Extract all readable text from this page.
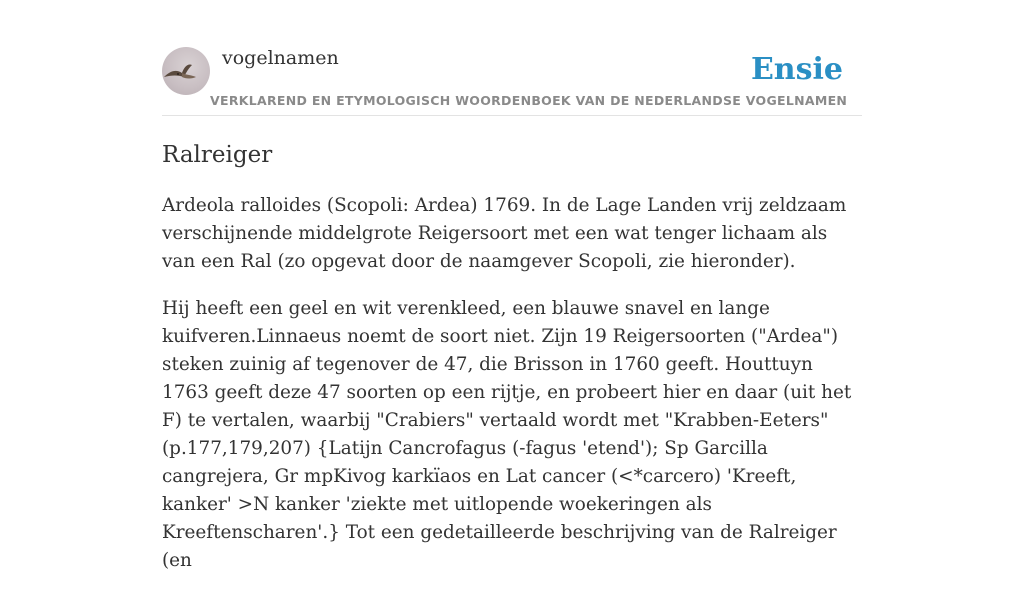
vogelnamen	Ensie
VERKLAREND EN ETYMOLOGISCH WOORDENBOEK VAN DE NEDERLANDSE VOGELNAMEN
Ralreiger

Ardeola ralloides (Scopoli: Ardea) 1769. In de Lage Landen vrij zeldzaam verschijnende middelgrote Reigersoort met een wat tenger lichaam als van een Ral (zo opgevat door de naamgever Scopoli, zie hieronder).

Hij heeft een geel en wit verenkleed, een blauwe snavel en lange kuifveren.Linnaeus noemt de soort niet. Zijn 19 Reigersoorten ("Ardea") steken zuinig af tegenover de 47, die Brisson in 1760 geeft. Houttuyn 1763 geeft deze 47 soorten op een rijtje, en probeert hier en daar (uit het F) te vertalen, waarbij "Crabiers" vertaald wordt met "Krabben-Eeters" (p.177,179,207) {Latijn Cancrofagus (-fagus 'etend'); Sp Garcilla cangrejera, Gr mpKivog karkïaos en Lat cancer (<*carcero) 'Kreeft, kanker' >N kanker 'ziekte met uitlopende woekeringen als Kreeftenscharen'.} Tot een gedetailleerde beschrijving van de Ralreiger (en
